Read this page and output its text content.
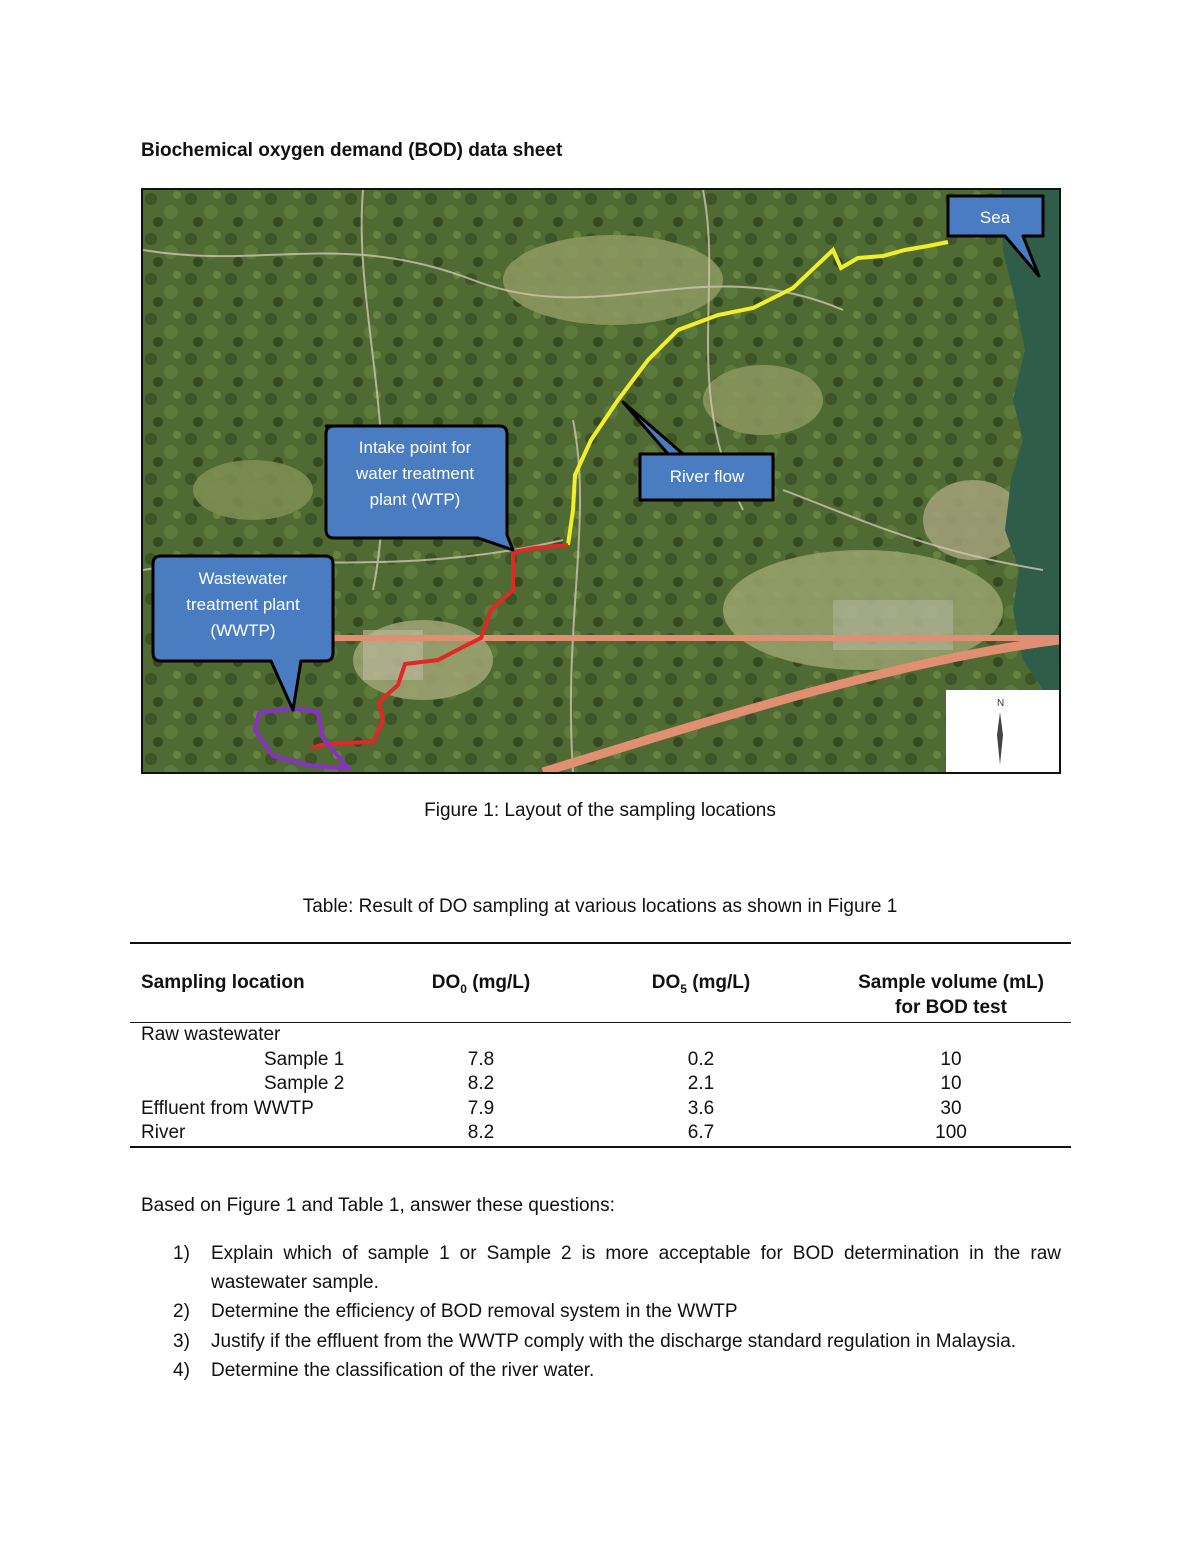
Biochemical oxygen demand (BOD) data sheet
N
Sea
River flow
Intake point for
water treatment
plant (WTP)
Wastewater
treatment plant
(WWTP)

Figure 1: Layout of the sampling locations

Table: Result of DO sampling at various locations as shown in Figure 1

Sampling location	$DO_0$ (mg/L)	$DO_5$ (mg/L)	Sample volume (mL)
for BOD test
Raw wastewater			
Sample 1	7.8	0.2	10
Sample 2	8.2	2.1	10
Effluent from WWTP	7.9	3.6	30
River	8.2	6.7	100

Based on Figure 1 and Table 1, answer these questions:

1)	Explain which of sample 1 or Sample 2 is more acceptable for BOD determination in the raw wastewater sample.
2)	Determine the efficiency of BOD removal system in the WWTP
3)	Justify if the effluent from the WWTP comply with the discharge standard regulation in Malaysia.
4)	Determine the classification of the river water.
